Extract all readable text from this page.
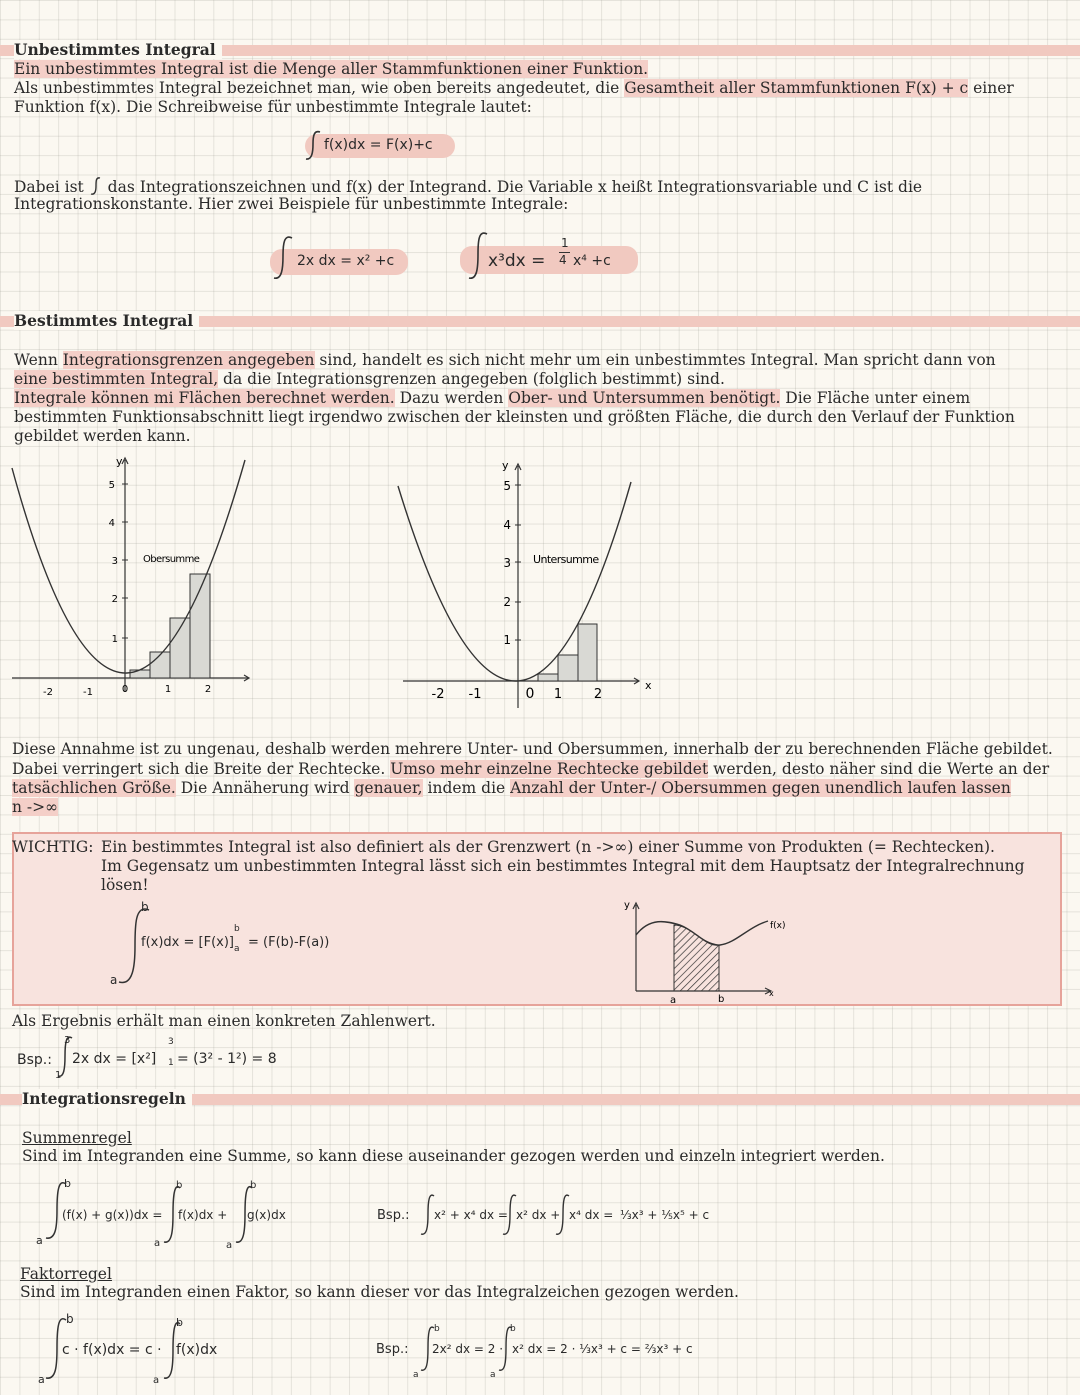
Unbestimmtes Integral
Ein unbestimmtes Integral ist die Menge aller Stammfunktionen einer Funktion.
Als unbestimmtes Integral bezeichnet man, wie oben bereits angedeutet, die Gesamtheit aller Stammfunktionen F(x) + c einer
Funktion f(x). Die Schreibweise für unbestimmte Integrale lautet:
f(x)dx = F(x)+c
Dabei ist das Integrationszeichnen und f(x) der Integrand. Die Variable x heißt Integrationsvariable und C ist die
Integrationskonstante. Hier zwei Beispiele für unbestimmte Integrale:
2x dx = x² +c	x³dx =
1
4 x⁴ +c
Bestimmtes Integral
Wenn Integrationsgrenzen angegeben sind, handelt es sich nicht mehr um ein unbestimmtes Integral. Man spricht dann von
eine bestimmten Integral, da die Integrationsgrenzen angegeben (folglich bestimmt) sind.
Integrale können mi Flächen berechnet werden. Dazu werden Ober- und Untersummen benötigt. Die Fläche unter einem
bestimmten Funktionsabschnitt liegt irgendwo zwischen der kleinsten und größten Fläche, die durch den Verlauf der Funktion
gebildet werden kann.
5
4
3
2
1
y
-2	-1	0	1	2
Obersumme
5
4
3
2
1
y
x
-2 -1	0 1 2
Untersumme
Diese Annahme ist zu ungenau, deshalb werden mehrere Unter- und Obersummen, innerhalb der zu berechnenden Fläche gebildet.
Dabei verringert sich die Breite der Rechtecke. Umso mehr einzelne Rechtecke gebildet werden, desto näher sind die Werte an der
tatsächlichen Größe. Die Annäherung wird genauer, indem die Anzahl der Unter-/ Obersummen gegen unendlich laufen lassen
n ->∞
WICHTIG: Ein bestimmtes Integral ist also definiert als der Grenzwert (n ->∞) einer Summe von Produkten (= Rechtecken).
Im Gegensatz um unbestimmten Integral lässt sich ein bestimmtes Integral mit dem Hauptsatz der Integralrechnung
lösen!
b
a
f(x)dx = [F(x)]
b
a = (F(b)-F(a))
f(x)
y
x
a	b
Als Ergebnis erhält man einen konkreten Zahlenwert.
Bsp.:
3
1
2x dx = [x²]
3
1 = (3² - 1²) = 8
Integrationsregeln
Summenregel
Sind im Integranden eine Summe, so kann diese auseinander gezogen werden und einzeln integriert werden.
b
a
(f(x) + g(x))dx =
b
a
f(x)dx +
b
a
g(x)dx	Bsp.: x² + x⁴ dx = x² dx + x⁴ dx = ⅓x³ + ⅕x⁵ + c
Faktorregel
Sind im Integranden einen Faktor, so kann dieser vor das Integralzeichen gezogen werden.
b
a
c · f(x)dx = c ·
b
a
f(x)dx	Bsp.:
b
a
2x² dx = 2 ·
b
a
x² dx = 2 · ⅓x³ + c = ⅔x³ + c
